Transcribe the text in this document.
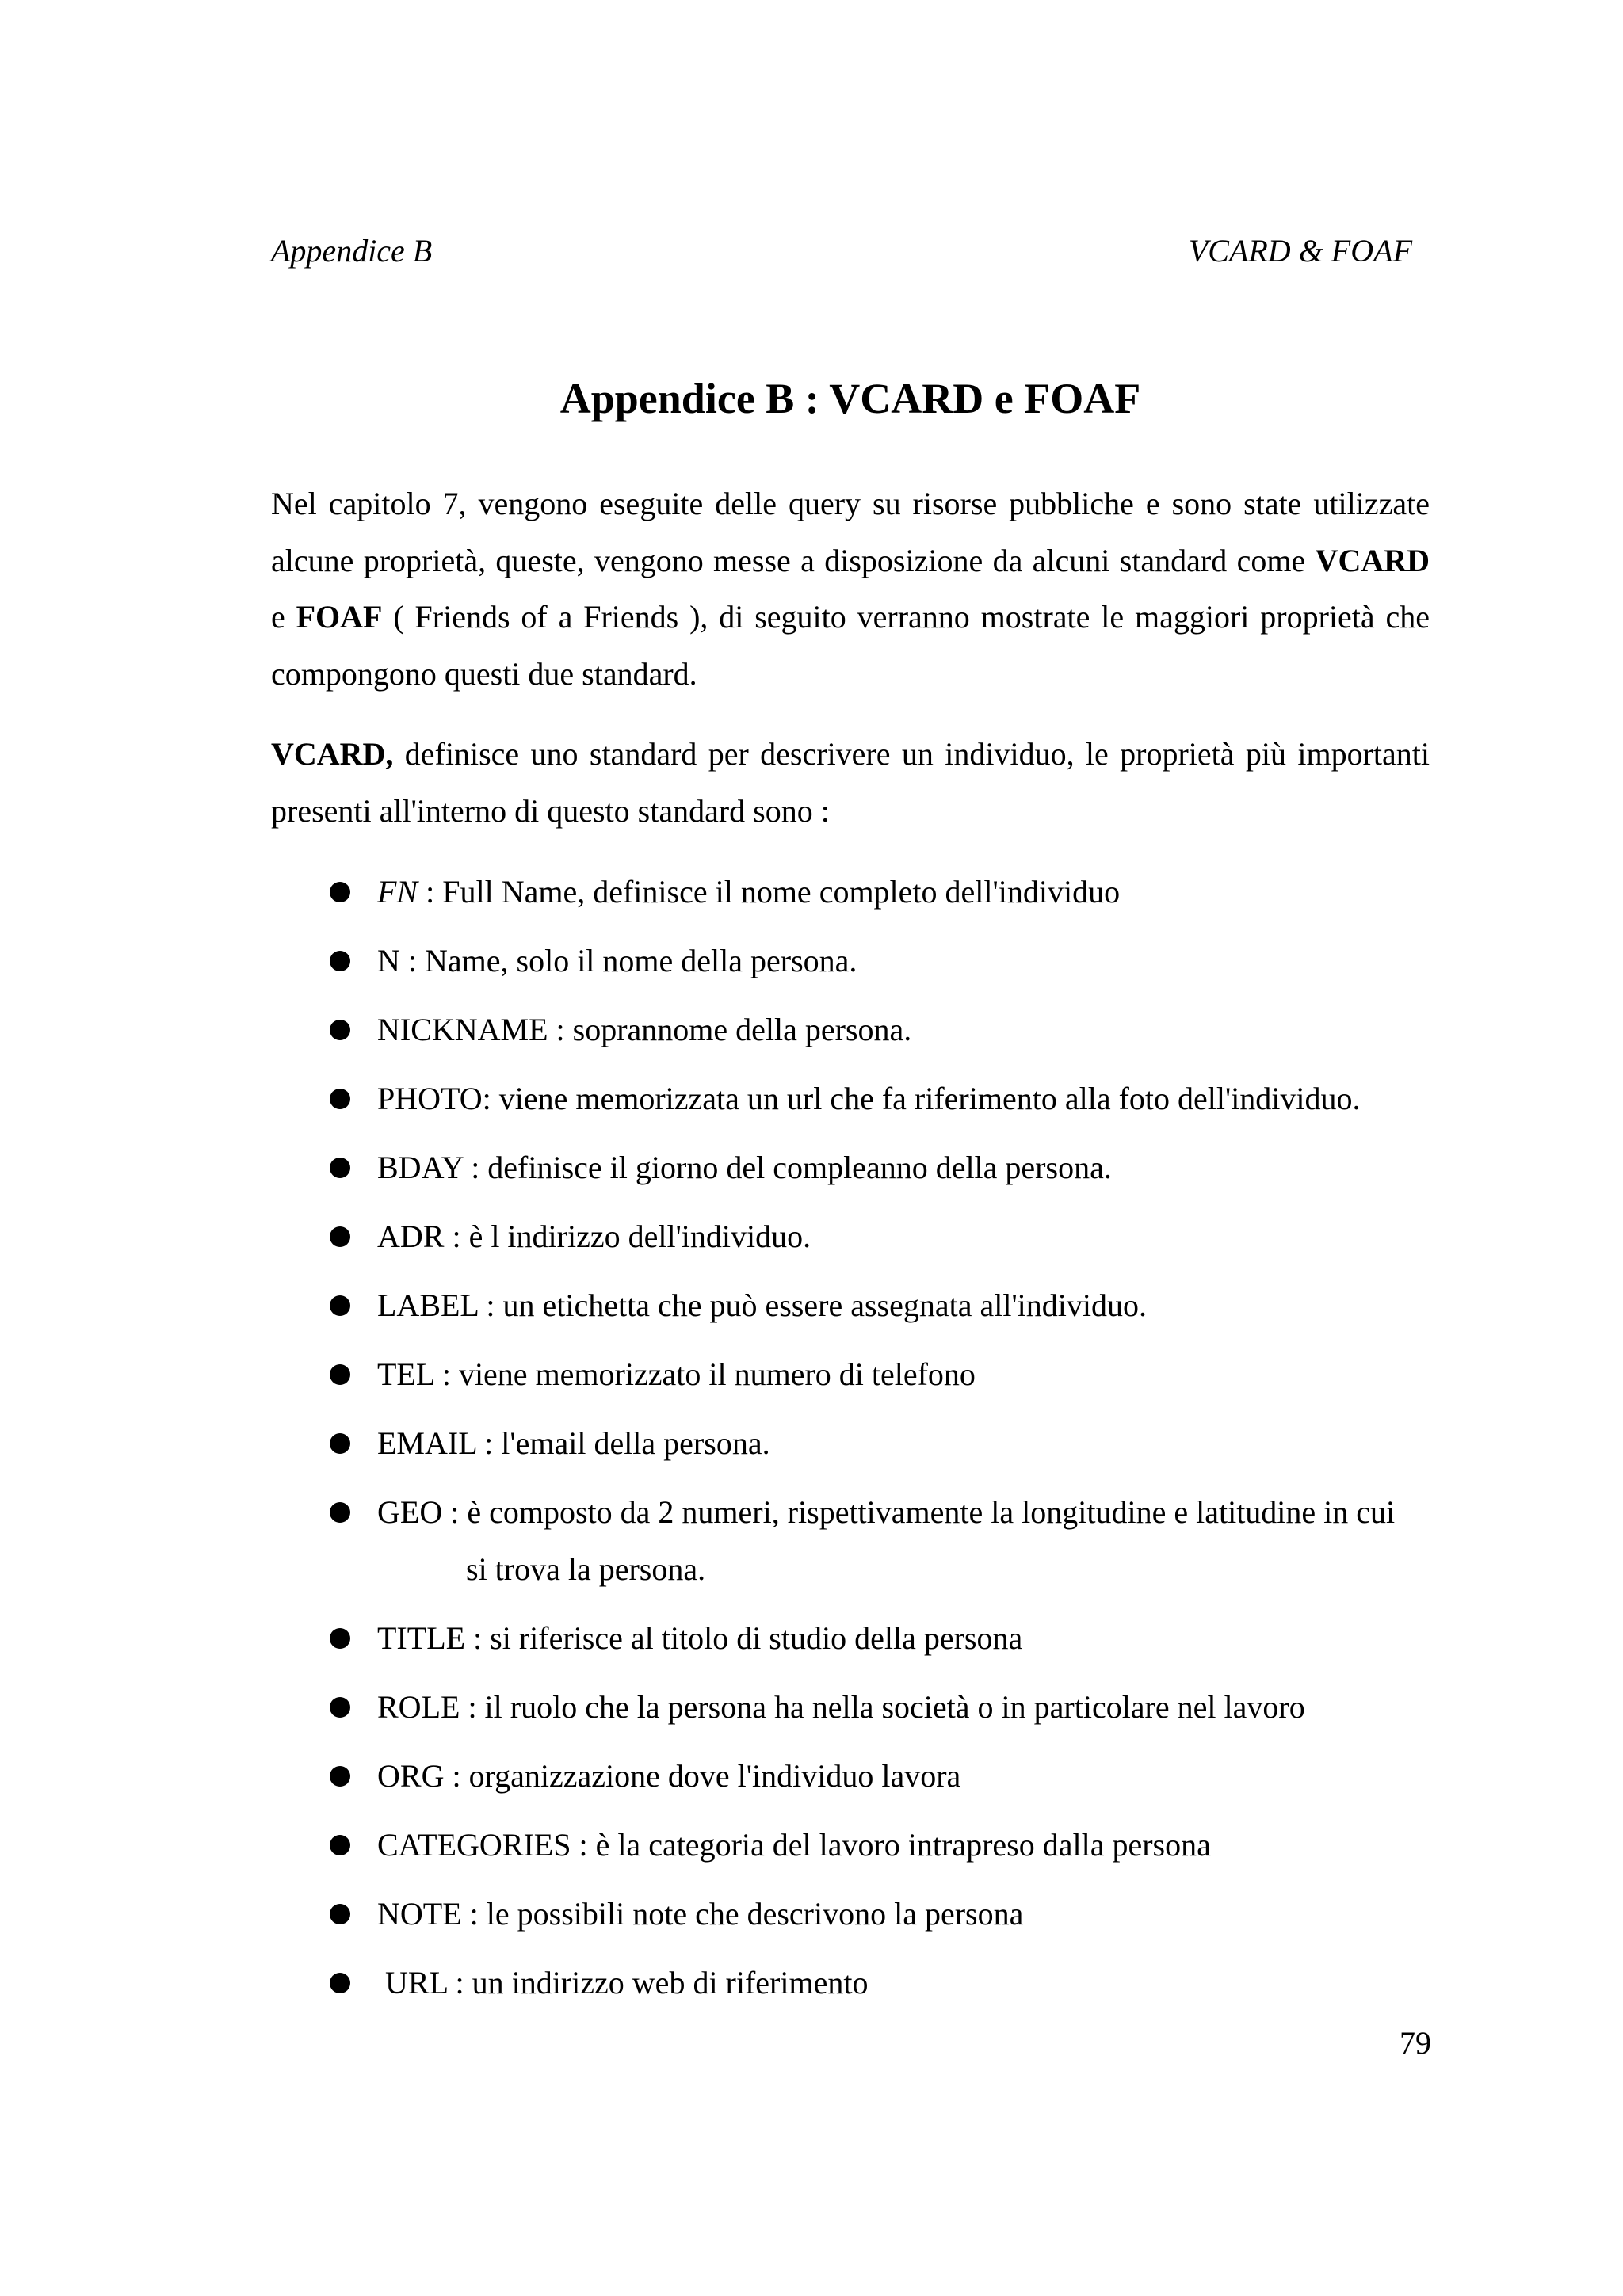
Appendice B	VCARD & FOAF
Appendice B : VCARD e FOAF

Nel capitolo 7, vengono eseguite delle query su risorse pubbliche e sono state utilizzate alcune proprietà, queste, vengono messe a disposizione da alcuni standard come VCARD e FOAF ( Friends of a Friends ), di seguito verranno mostrate le maggiori proprietà che compongono questi due standard.

VCARD, definisce uno standard per descrivere un individuo, le proprietà più importanti presenti all'interno di questo standard sono :

FN : Full Name, definisce il nome completo dell'individuo
N : Name, solo il nome della persona.
NICKNAME : soprannome della persona.
PHOTO: viene memorizzata un url che fa riferimento alla foto dell'individuo.
BDAY : definisce il giorno del compleanno della persona.
ADR : è l indirizzo dell'individuo.
LABEL : un etichetta che può essere assegnata all'individuo.
TEL : viene memorizzato il numero di telefono
EMAIL : l'email della persona.
GEO : è composto da 2 numeri, rispettivamente la longitudine e latitudine in cui
si trova la persona.
TITLE : si riferisce al titolo di studio della persona
ROLE : il ruolo che la persona ha nella società o in particolare nel lavoro
ORG : organizzazione dove l'individuo lavora
CATEGORIES : è la categoria del lavoro intrapreso dalla persona
NOTE : le possibili note che descrivono la persona
URL : un indirizzo web di riferimento
79
